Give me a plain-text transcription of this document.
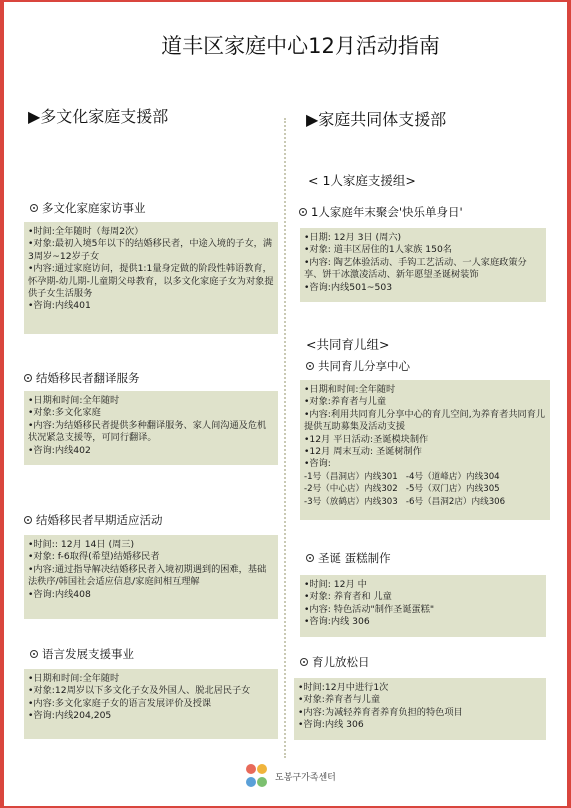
道丰区家庭中心12月活动指南
▶多文化家庭支援部
多文化家庭家访事业
•时间:全年随时（每周2次）
•对象:最初入境5年以下的结婚移民者，中途入境的子女，满3周岁~12岁子女
•内容:通过家庭访问，提供1:1量身定做的阶段性韩语教育，怀孕期-幼儿期-儿童期父母教育，以多文化家庭子女为对象提供子女生活服务
•咨询:内线401
结婚移民者翻译服务
•日期和时间:全年随时
•对象:多文化家庭
•内容:为结婚移民者提供多种翻译服务、家人间沟通及危机状况紧急支援等，可同行翻译。
•咨询:内线402
结婚移民者早期适应活动
•时间:: 12月 14日 (周三)
•对象: f-6取得(希望)结婚移民者
•内容:通过指导解决结婚移民者入境初期遇到的困难，基础法秩序/韩国社会适应信息/家庭间相互理解
•咨询:内线408
语言发展支援事业
•日期和时间:全年随时
•对象:12周岁以下多文化子女及外国人、脱北居民子女
•内容:多文化家庭子女的语言发展评价及授课
•咨询:内线204,205
▶家庭共同体支援部
< 1人家庭支援组>
1人家庭年末聚会'快乐单身日'
•日期: 12月 3日 (周六)
•对象: 道丰区居住的1人家族 150名
•内容: 陶艺体验活动、手钩工艺活动、一人家庭政策分享、饼干冰激凌活动、新年愿望圣诞树装饰
•咨询:内线501~503
<共同育儿组>
共同育儿分享中心
•日期和时间:全年随时
•对象:养育者与儿童
•内容:利用共同育儿分享中心的育儿空间,为养育者共同育儿提供互助募集及活动支援
•12月 平日活动:圣诞模块制作
•12月 周末互动: 圣诞树制作
•咨询:
-1号（昌洞店）内线301   -4号（道峰店）内线304
-2号（中心店）内线302   -5号（双门店）内线305
-3号（放鹤店）内线303   -6号（昌洞2店）内线306
圣诞 蛋糕制作
•时间: 12月 中
•对象: 养育者和 儿童
•内容: 特色活动"制作圣诞蛋糕"
•咨询:内线 306
育儿放松日
•时间:12月中进行1次
•对象:养育者与儿童
•内容:为减轻养育者养育负担的特色项目
•咨询:内线 306
도봉구가족센터
